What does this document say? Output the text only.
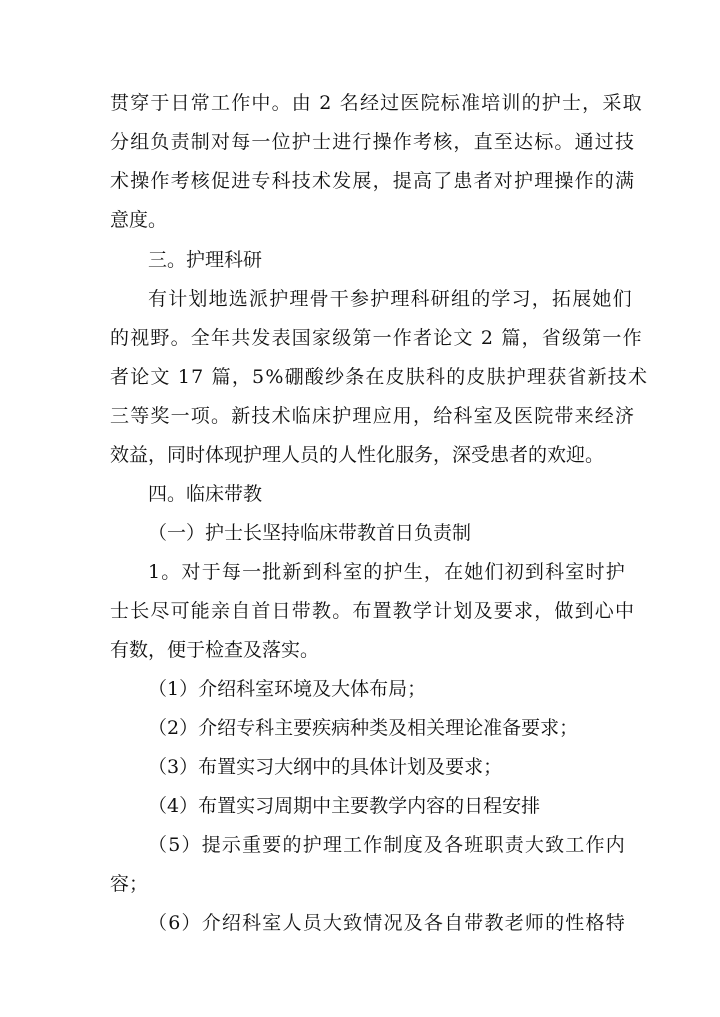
贯穿于日常工作中。由 2 名经过医院标准培训的护士，采取
分组负责制对每一位护士进行操作考核，直至达标。通过技
术操作考核促进专科技术发展，提高了患者对护理操作的满
意度。
三。护理科研
有计划地选派护理骨干参护理科研组的学习，拓展她们
的视野。全年共发表国家级第一作者论文 2 篇，省级第一作
者论文 17 篇，5%硼酸纱条在皮肤科的皮肤护理获省新技术
三等奖一项。新技术临床护理应用，给科室及医院带来经济
效益，同时体现护理人员的人性化服务，深受患者的欢迎。
四。临床带教
（一）护士长坚持临床带教首日负责制
1。对于每一批新到科室的护生，在她们初到科室时护
士长尽可能亲自首日带教。布置教学计划及要求，做到心中
有数，便于检查及落实。
（1）介绍科室环境及大体布局；
（2）介绍专科主要疾病种类及相关理论准备要求；
（3）布置实习大纲中的具体计划及要求；
（4）布置实习周期中主要教学内容的日程安排
（5）提示重要的护理工作制度及各班职责大致工作内
容；
（6）介绍科室人员大致情况及各自带教老师的性格特
